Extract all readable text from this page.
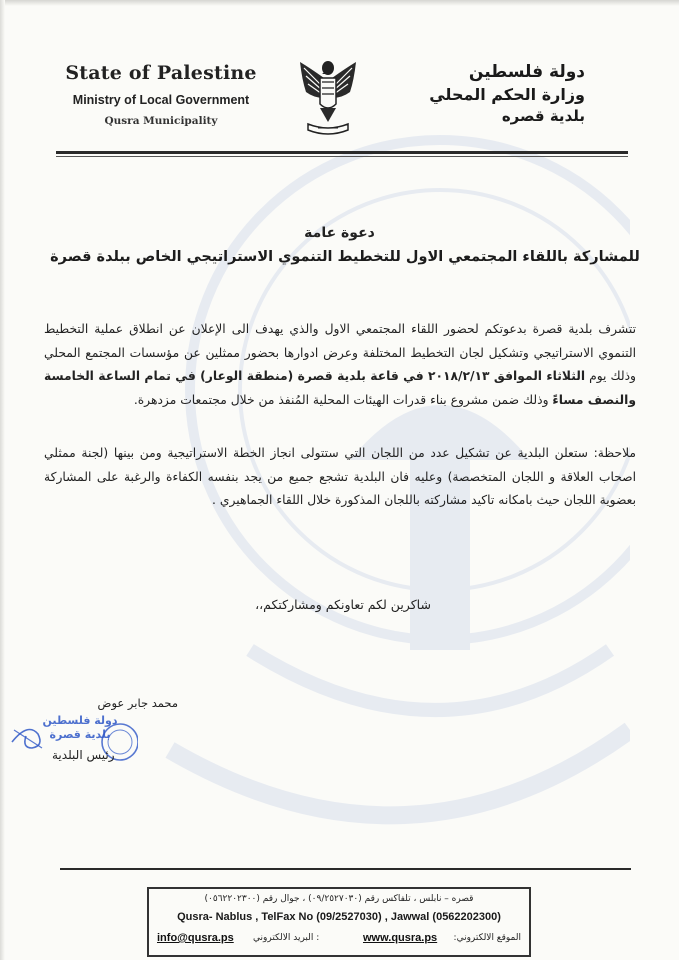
State of Palestine
Ministry of Local Government
Qusra Municipality
دولة فلسطين
وزارة الحكم المحلي
بلدية قصره
دعوة عامة
للمشاركة باللقاء المجتمعي الاول للتخطيط التنموي الاستراتيجي الخاص ببلدة قصرة

تتشرف بلدية قصرة بدعوتكم لحضور اللقاء المجتمعي الاول والذي يهدف الى الإعلان عن انطلاق عملية التخطيط التنموي الاستراتيجي وتشكيل لجان التخطيط المختلفة وعرض ادوارها بحضور ممثلين عن مؤسسات المجتمع المحلي وذلك يوم الثلاثاء الموافق ٢٠١٨/٢/١٣ في قاعة بلدية قصرة (منطقة الوعار) في تمام الساعة الخامسة والنصف مساءً وذلك ضمن مشروع بناء قدرات الهيئات المحلية المُنفذ من خلال مجتمعات مزدهرة.

ملاحظة: ستعلن البلدية عن تشكيل عدد من اللجان التي ستتولى انجاز الخطة الاستراتيجية ومن بينها (لجنة ممثلي اصحاب العلاقة و اللجان المتخصصة) وعليه فان البلدية تشجع جميع من يجد بنفسه الكفاءة والرغبة على المشاركة بعضوية اللجان حيث بامكانه تاكيد مشاركته باللجان المذكورة خلال اللقاء الجماهيري .

شاكرين لكم تعاونكم ومشاركتكم،،
دولة فلسطين
بلدية قصرة
محمد جابر عوض
رئيس البلدية
قصره – نابلس ، تلفاكس رقم (٠٩/٢٥٢٧٠٣٠) ، جوال رقم (٠٥٦٢٢٠٢٣٠٠)
Qusra- Nablus , TelFax No (09/2527030) , Jawwal (0562202300)
info@qusra.ps : البريد الالكتروني	www.qusra.ps الموقع الالكتروني:
